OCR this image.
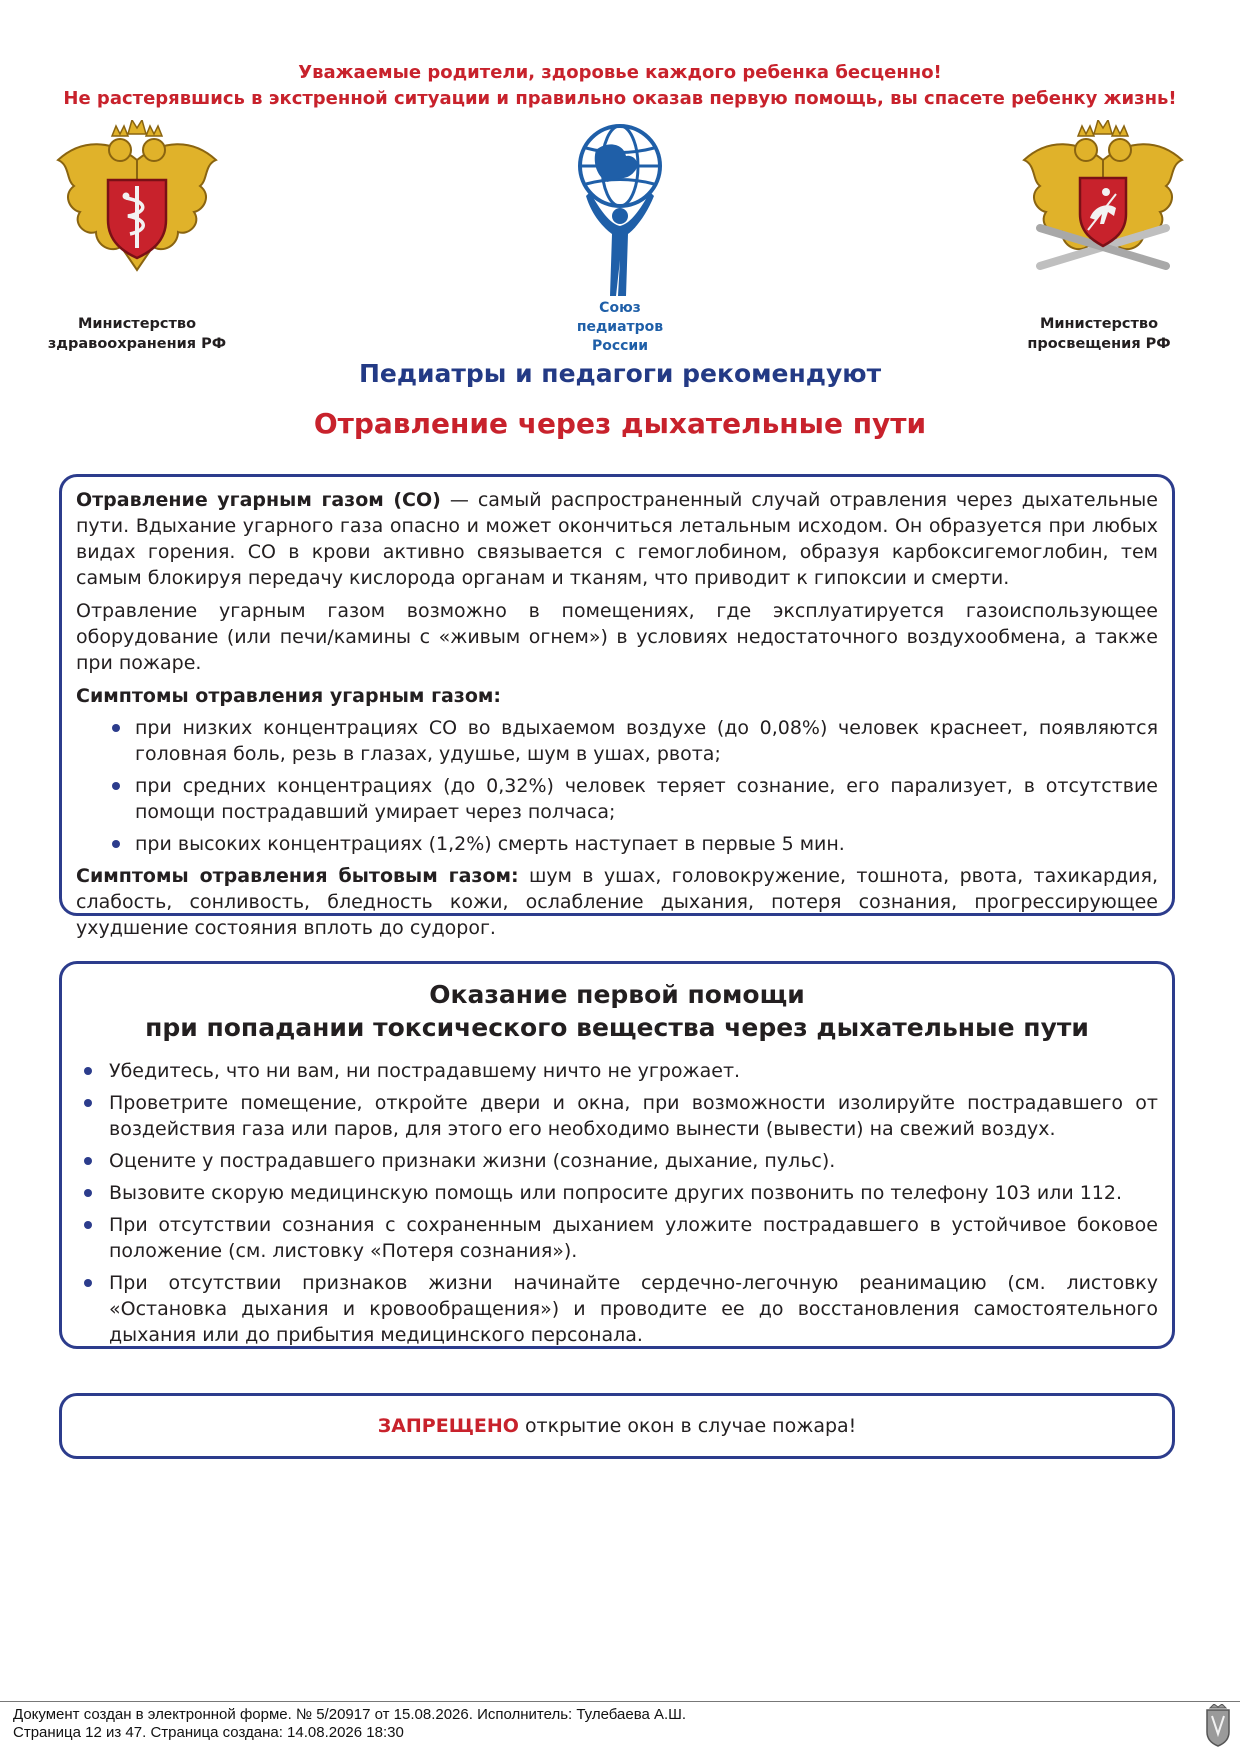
Уважаемые родители, здоровье каждого ребенка бесценно!
Не растерявшись в экстренной ситуации и правильно оказав первую помощь, вы спасете ребенку жизнь!
Министерство
здравоохранения РФ
Союз
педиатров
России
Министерство
просвещения РФ
Педиатры и педагоги рекомендуют
Отравление через дыхательные пути

Отравление угарным газом (СО) — самый распространенный случай отравления через дыхательные пути. Вдыхание угарного газа опасно и может окончиться летальным исходом. Он образуется при любых видах горения. СО в крови активно связывается с гемоглобином, образуя карбоксигемоглобин, тем самым блокируя передачу кислорода органам и тканям, что приводит к гипоксии и смерти.

Отравление угарным газом возможно в помещениях, где эксплуатируется газоиспользующее оборудование (или печи/камины с «живым огнем») в условиях недостаточного воздухообмена, а также при пожаре.

Симптомы отравления угарным газом:
при низких концентрациях СО во вдыхаемом воздухе (до 0,08%) человек краснеет, появляются головная боль, резь в глазах, удушье, шум в ушах, рвота;
при средних концентрациях (до 0,32%) человек теряет сознание, его парализует, в отсутствие помощи пострадавший умирает через полчаса;
при высоких концентрациях (1,2%) смерть наступает в первые 5 мин.

Симптомы отравления бытовым газом: шум в ушах, головокружение, тошнота, рвота, тахикардия, слабость, сонливость, бледность кожи, ослабление дыхания, потеря сознания, прогрессирующее ухудшение состояния вплоть до судорог.

Оказание первой помощи
при попадании токсического вещества через дыхательные пути
Убедитесь, что ни вам, ни пострадавшему ничто не угрожает.
Проветрите помещение, откройте двери и окна, при возможности изолируйте пострадавшего от воздействия газа или паров, для этого его необходимо вынести (вывести) на свежий воздух.
Оцените у пострадавшего признаки жизни (сознание, дыхание, пульс).
Вызовите скорую медицинскую помощь или попросите других позвонить по телефону 103 или 112.
При отсутствии сознания с сохраненным дыханием уложите пострадавшего в устойчивое боковое положение (см. листовку «Потеря сознания»).
При отсутствии признаков жизни начинайте сердечно-легочную реанимацию (см. листовку «Остановка дыхания и кровообращения») и проводите ее до восстановления самостоятельного дыхания или до прибытия медицинского персонала.
ЗАПРЕЩЕНО открытие окон в случае пожара!
Документ создан в электронной форме. № 5/20917 от 15.08.2026. Исполнитель: Тулебаева А.Ш.
Страница 12 из 47. Страница создана: 14.08.2026 18:30
